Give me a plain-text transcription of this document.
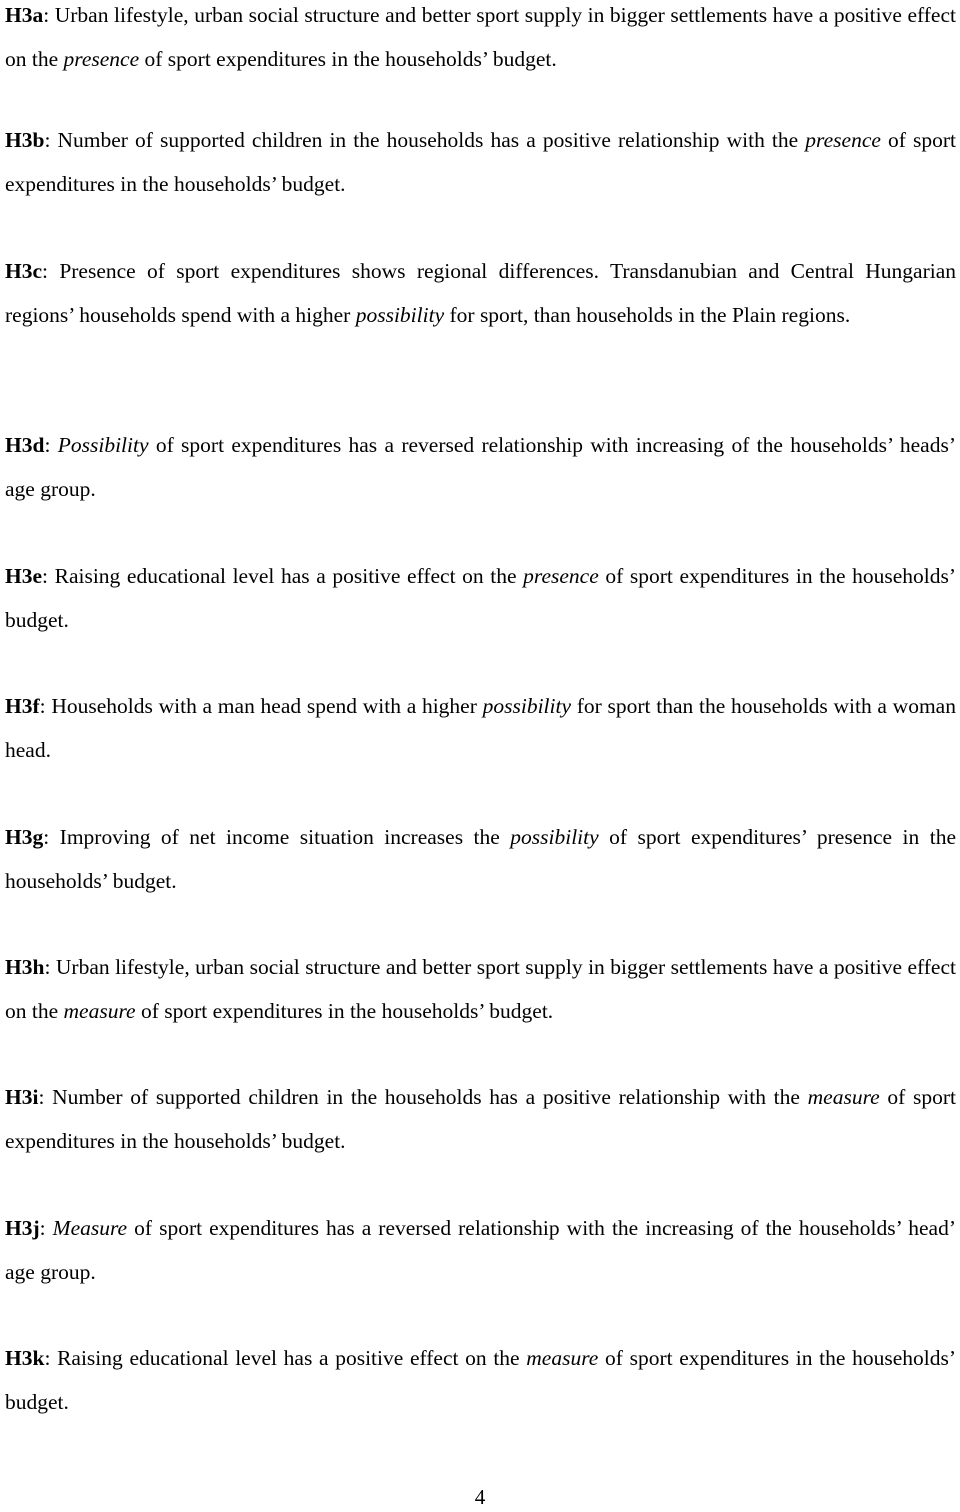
H3a: Urban lifestyle, urban social structure and better sport supply in bigger settlements have a positive effect on the presence of sport expenditures in the households’ budget.

H3b: Number of supported children in the households has a positive relationship with the presence of sport expenditures in the households’ budget.

H3c: Presence of sport expenditures shows regional differences. Transdanubian and Central Hungarian regions’ households spend with a higher possibility for sport, than households in the Plain regions.

H3d: Possibility of sport expenditures has a reversed relationship with increasing of the households’ heads’ age group.

H3e: Raising educational level has a positive effect on the presence of sport expenditures in the households’ budget.

H3f: Households with a man head spend with a higher possibility for sport than the households with a woman head.

H3g: Improving of net income situation increases the possibility of sport expenditures’ presence in the households’ budget.

H3h: Urban lifestyle, urban social structure and better sport supply in bigger settlements have a positive effect on the measure of sport expenditures in the households’ budget.

H3i: Number of supported children in the households has a positive relationship with the measure of sport expenditures in the households’ budget.

H3j: Measure of sport expenditures has a reversed relationship with the increasing of the households’ head’ age group.

H3k: Raising educational level has a positive effect on the measure of sport expenditures in the households’ budget.

4
